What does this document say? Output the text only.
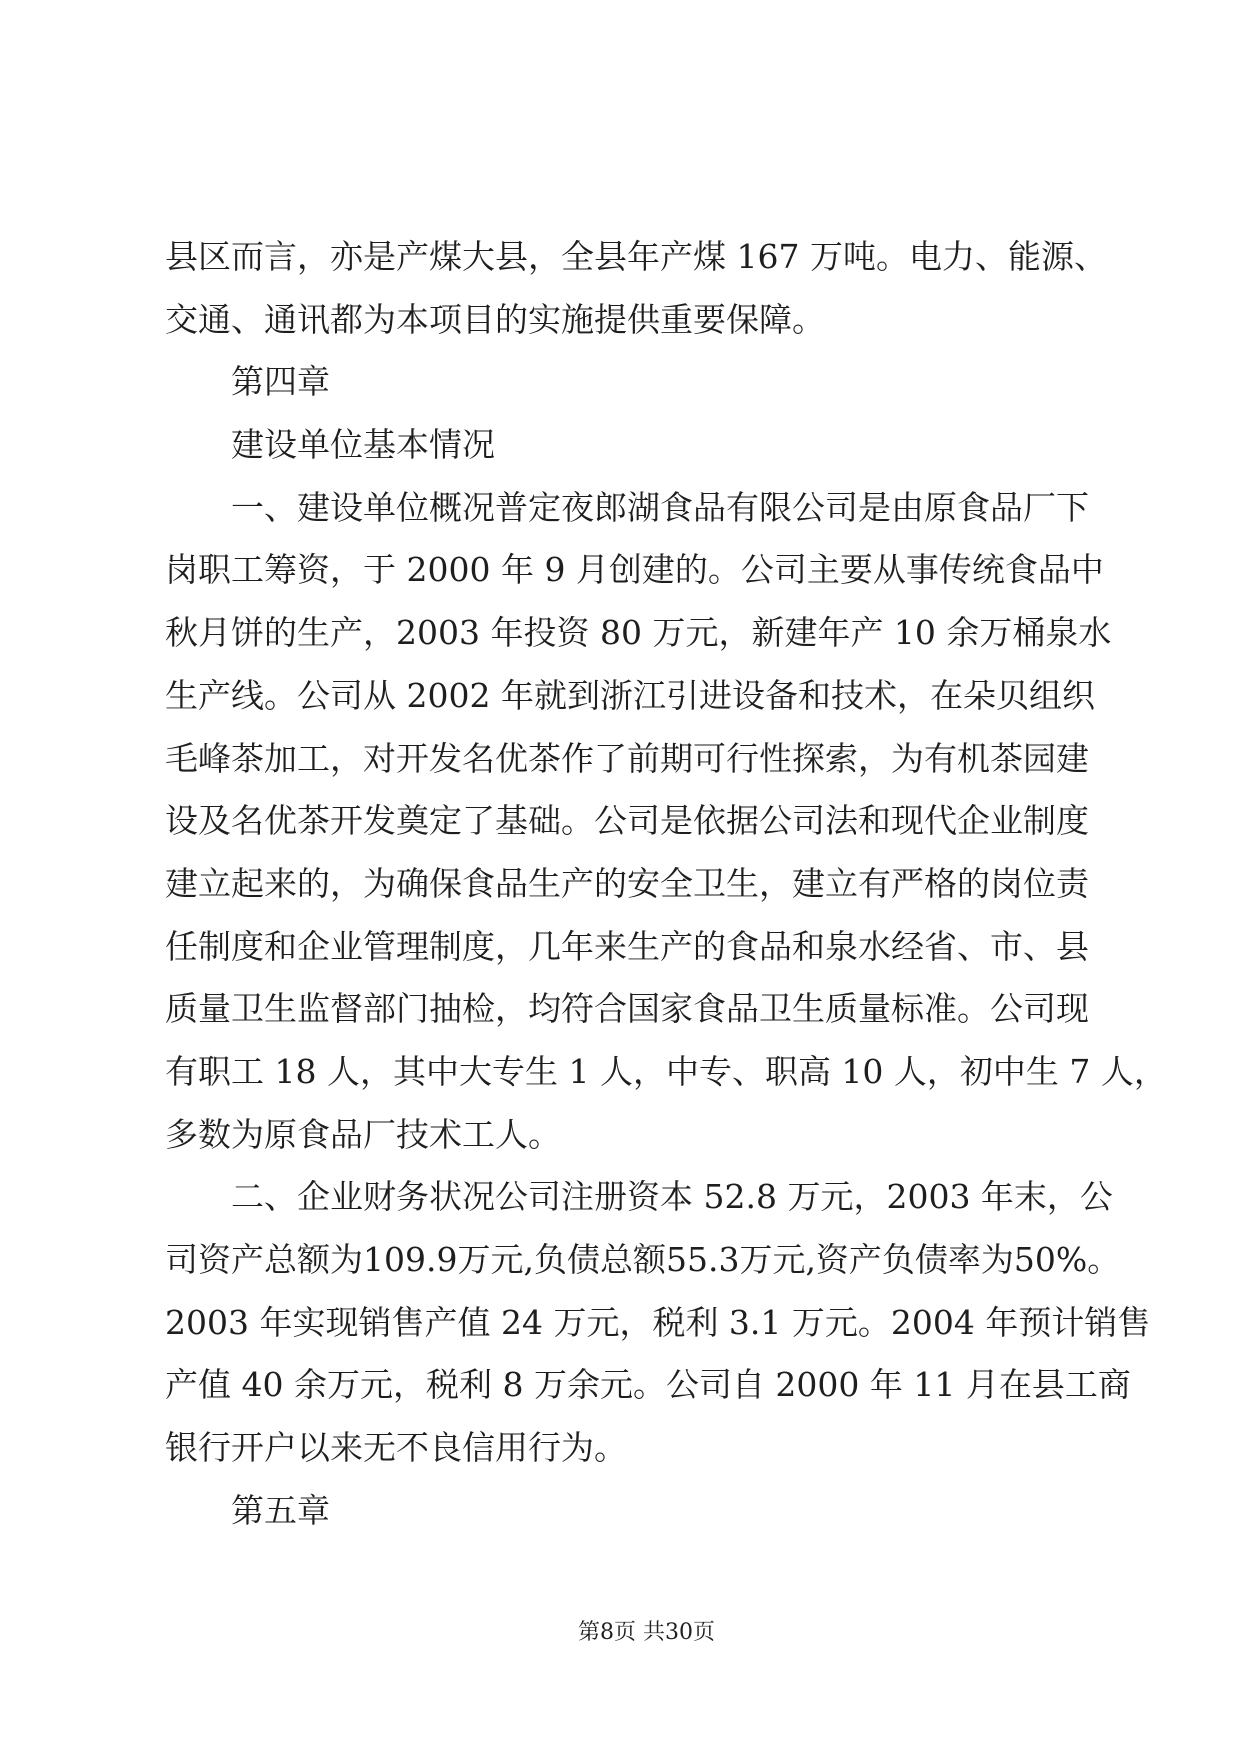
县区而言，亦是产煤大县，全县年产煤 167 万吨。电力、能源、
交通、通讯都为本项目的实施提供重要保障。
第四章
建设单位基本情况
一、建设单位概况普定夜郎湖食品有限公司是由原食品厂下
岗职工筹资，于 2000 年 9 月创建的。公司主要从事传统食品中
秋月饼的生产，2003 年投资 80 万元，新建年产 10 余万桶泉水
生产线。公司从 2002 年就到浙江引进设备和技术，在朵贝组织
毛峰茶加工，对开发名优茶作了前期可行性探索，为有机茶园建
设及名优茶开发奠定了基础。公司是依据公司法和现代企业制度
建立起来的，为确保食品生产的安全卫生，建立有严格的岗位责
任制度和企业管理制度，几年来生产的食品和泉水经省、市、县
质量卫生监督部门抽检，均符合国家食品卫生质量标准。公司现
有职工 18 人，其中大专生 1 人，中专、职高 10 人，初中生 7 人，
多数为原食品厂技术工人。
二、企业财务状况公司注册资本 52.8 万元，2003 年末，公
司资产总额为109.9万元,负债总额55.3万元,资产负债率为50%。
2003 年实现销售产值 24 万元，税利 3.1 万元。2004 年预计销售
产值 40 余万元，税利 8 万余元。公司自 2000 年 11 月在县工商
银行开户以来无不良信用行为。
第五章
第8页 共30页
